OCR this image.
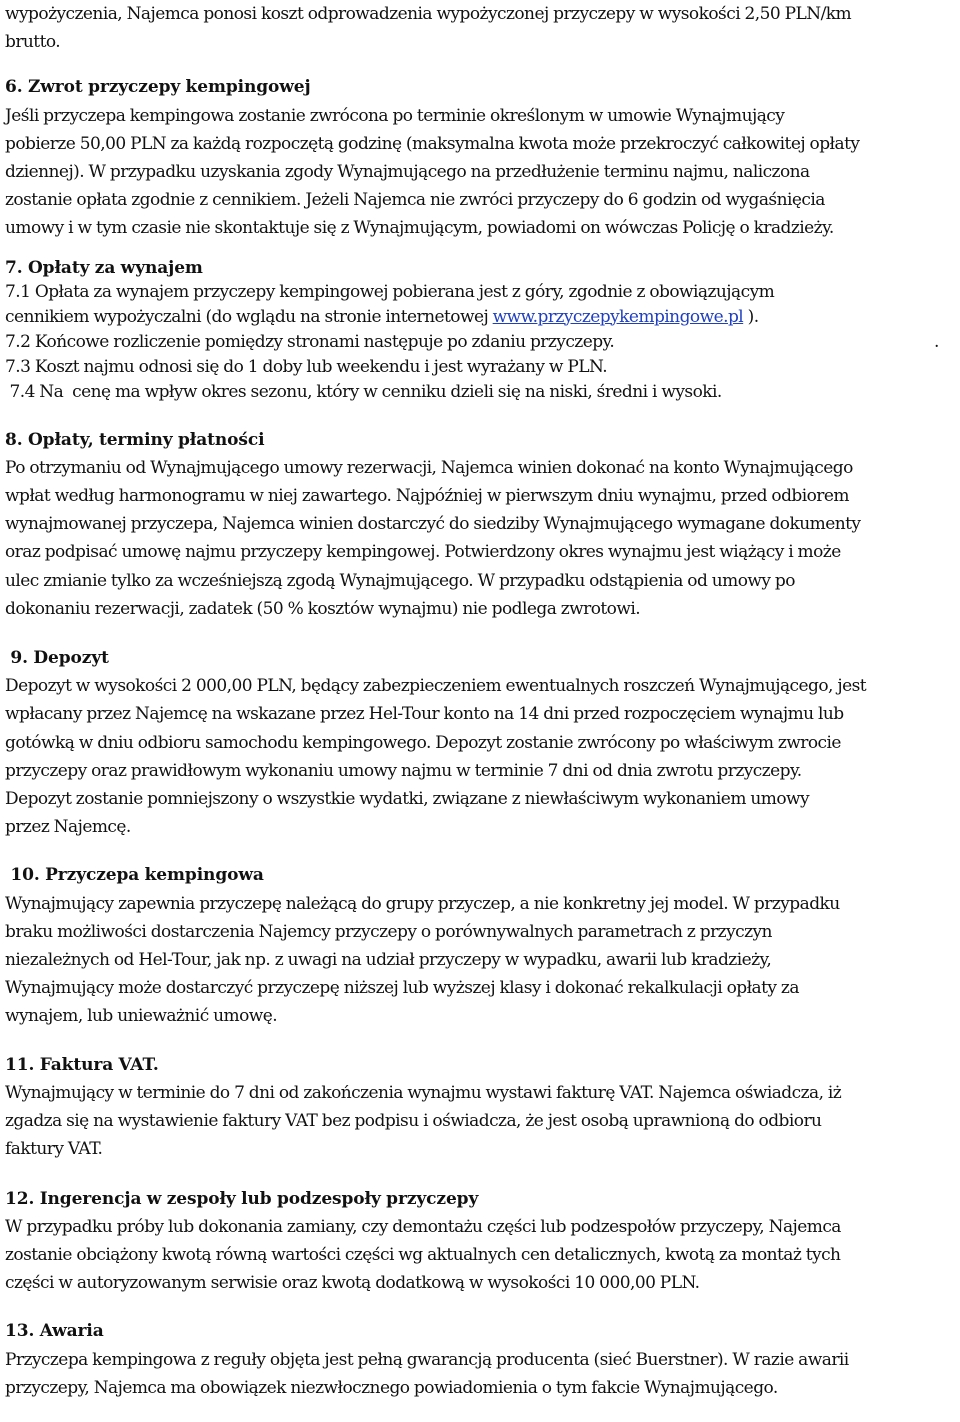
wypożyczenia, Najemca ponosi koszt odprowadzenia wypożyczonej przyczepy w wysokości 2,50 PLN/km

brutto.

6. Zwrot przyczepy kempingowej

Jeśli przyczepa kempingowa zostanie zwrócona po terminie określonym w umowie Wynajmujący

pobierze 50,00 PLN za każdą rozpoczętą godzinę (maksymalna kwota może przekroczyć całkowitej opłaty

dziennej). W przypadku uzyskania zgody Wynajmującego na przedłużenie terminu najmu, naliczona

zostanie opłata zgodnie z cennikiem. Jeżeli Najemca nie zwróci przyczepy do 6 godzin od wygaśnięcia

umowy i w tym czasie nie skontaktuje się z Wynajmującym, powiadomi on wówczas Policję o kradzieży.

7. Opłaty za wynajem

7.1 Opłata za wynajem przyczepy kempingowej pobierana jest z góry, zgodnie z obowiązującym

cennikiem wypożyczalni (do wglądu na stronie internetowej www.przyczepykempingowe.pl ).

7.2 Końcowe rozliczenie pomiędzy stronami następuje po zdaniu przyczepy.	.

7.3 Koszt najmu odnosi się do 1 doby lub weekendu i jest wyrażany w PLN.

7.4 Na  cenę ma wpływ okres sezonu, który w cenniku dzieli się na niski, średni i wysoki.

8. Opłaty, terminy płatności

Po otrzymaniu od Wynajmującego umowy rezerwacji, Najemca winien dokonać na konto Wynajmującego

wpłat według harmonogramu w niej zawartego. Najpóźniej w pierwszym dniu wynajmu, przed odbiorem

wynajmowanej przyczepa, Najemca winien dostarczyć do siedziby Wynajmującego wymagane dokumenty

oraz podpisać umowę najmu przyczepy kempingowej. Potwierdzony okres wynajmu jest wiążący i może

ulec zmianie tylko za wcześniejszą zgodą Wynajmującego. W przypadku odstąpienia od umowy po

dokonaniu rezerwacji, zadatek (50 % kosztów wynajmu) nie podlega zwrotowi.

9. Depozyt

Depozyt w wysokości 2 000,00 PLN, będący zabezpieczeniem ewentualnych roszczeń Wynajmującego, jest

wpłacany przez Najemcę na wskazane przez Hel-Tour konto na 14 dni przed rozpoczęciem wynajmu lub

gotówką w dniu odbioru samochodu kempingowego. Depozyt zostanie zwrócony po właściwym zwrocie

przyczepy oraz prawidłowym wykonaniu umowy najmu w terminie 7 dni od dnia zwrotu przyczepy.

Depozyt zostanie pomniejszony o wszystkie wydatki, związane z niewłaściwym wykonaniem umowy

przez Najemcę.

10. Przyczepa kempingowa

Wynajmujący zapewnia przyczepę należącą do grupy przyczep, a nie konkretny jej model. W przypadku

braku możliwości dostarczenia Najemcy przyczepy o porównywalnych parametrach z przyczyn

niezależnych od Hel-Tour, jak np. z uwagi na udział przyczepy w wypadku, awarii lub kradzieży,

Wynajmujący może dostarczyć przyczepę niższej lub wyższej klasy i dokonać rekalkulacji opłaty za

wynajem, lub unieważnić umowę.

11. Faktura VAT.

Wynajmujący w terminie do 7 dni od zakończenia wynajmu wystawi fakturę VAT. Najemca oświadcza, iż

zgadza się na wystawienie faktury VAT bez podpisu i oświadcza, że jest osobą uprawnioną do odbioru

faktury VAT.

12. Ingerencja w zespoły lub podzespoły przyczepy

W przypadku próby lub dokonania zamiany, czy demontażu części lub podzespołów przyczepy, Najemca

zostanie obciążony kwotą równą wartości części wg aktualnych cen detalicznych, kwotą za montaż tych

części w autoryzowanym serwisie oraz kwotą dodatkową w wysokości 10 000,00 PLN.

13. Awaria

Przyczepa kempingowa z reguły objęta jest pełną gwarancją producenta (sieć Buerstner). W razie awarii

przyczepy, Najemca ma obowiązek niezwłocznego powiadomienia o tym fakcie Wynajmującego.
